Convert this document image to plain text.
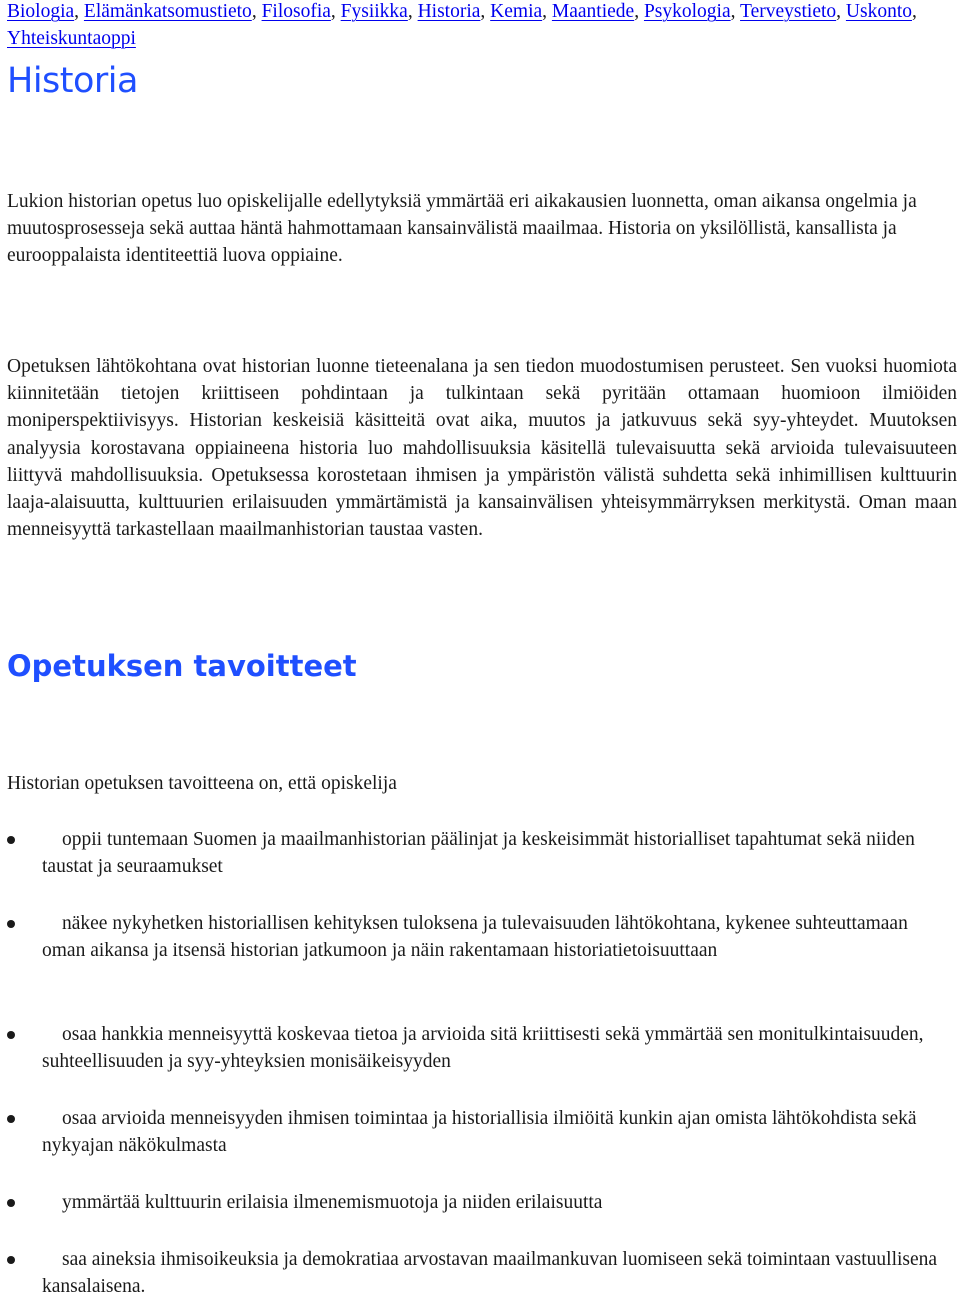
Biologia, Elämänkatsomustieto, Filosofia, Fysiikka, Historia, Kemia, Maantiede, Psykologia, Terveystieto, Uskonto, Yhteiskuntaoppi
Historia

Lukion historian opetus luo opiskelijalle edellytyksiä ymmärtää eri aikakausien luonnetta, oman aikansa ongelmia ja muutosprosesseja sekä auttaa häntä hahmottamaan kansainvälistä maailmaa. Historia on yksilöllistä, kansallista ja eurooppalaista identiteettiä luova oppiaine.

Opetuksen lähtökohtana ovat historian luonne tieteenalana ja sen tiedon muodostumisen perusteet. Sen vuoksi huomiota kiinnitetään tietojen kriittiseen pohdintaan ja tulkintaan sekä pyritään ottamaan huomioon ilmiöiden moniperspektiivisyys. Historian keskeisiä käsitteitä ovat aika, muutos ja jatkuvuus sekä syy-yhteydet. Muutoksen analyysia korostavana oppiaineena historia luo mahdollisuuksia käsitellä tulevaisuutta sekä arvioida tulevaisuuteen liittyvä mahdollisuuksia. Opetuksessa korostetaan ihmisen ja ympäristön välistä suhdetta sekä inhimillisen kulttuurin laaja-alaisuutta, kulttuurien erilaisuuden ymmärtämistä ja kansainvälisen yhteisymmärryksen merkitystä. Oman maan menneisyyttä tarkastellaan maailmanhistorian taustaa vasten.

Opetuksen tavoitteet

Historian opetuksen tavoitteena on, että opiskelija

oppii tuntemaan Suomen ja maailmanhistorian päälinjat ja keskeisimmät historialliset tapahtumat sekä niiden taustat ja seuraamukset
näkee nykyhetken historiallisen kehityksen tuloksena ja tulevaisuuden lähtökohtana, kykenee suhteuttamaan oman aikansa ja itsensä historian jatkumoon ja näin rakentamaan historiatietoisuuttaan
osaa hankkia menneisyyttä koskevaa tietoa ja arvioida sitä kriittisesti sekä ymmärtää sen monitulkintaisuuden, suhteellisuuden ja syy-yhteyksien monisäikeisyyden
osaa arvioida menneisyyden ihmisen toimintaa ja historiallisia ilmiöitä kunkin ajan omista lähtökohdista sekä nykyajan näkökulmasta
ymmärtää kulttuurin erilaisia ilmenemismuotoja ja niiden erilaisuutta
saa aineksia ihmisoikeuksia ja demokratiaa arvostavan maailmankuvan luomiseen sekä toimintaan vastuullisena kansalaisena.
